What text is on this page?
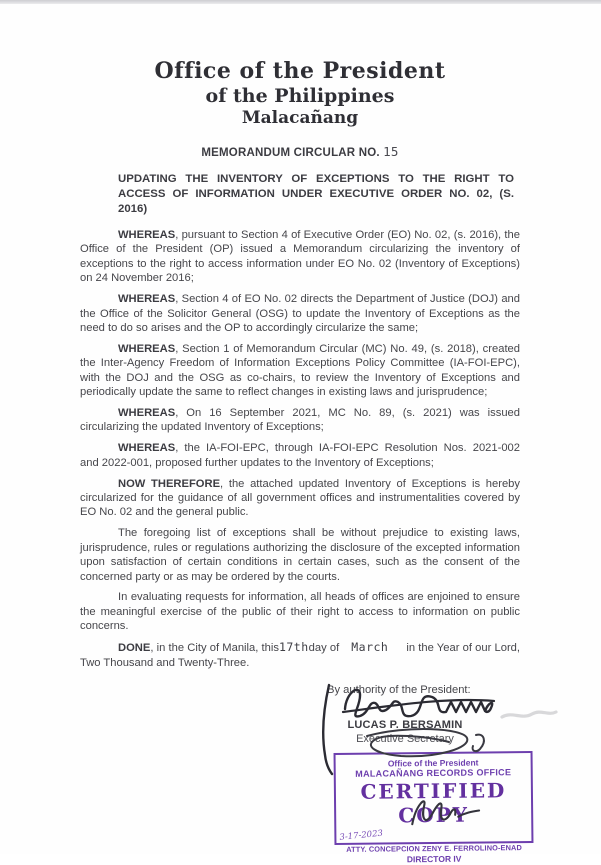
Office of the President
of the Philippines
Malacañang
MEMORANDUM CIRCULAR NO. 15
UPDATING THE INVENTORY OF EXCEPTIONS TO THE RIGHT TO
ACCESS OF INFORMATION UNDER EXECUTIVE ORDER NO. 02, (S. 2016)

WHEREAS, pursuant to Section 4 of Executive Order (EO) No. 02, (s. 2016), the Office of the President (OP) issued a Memorandum circularizing the inventory of exceptions to the right to access information under EO No. 02 (Inventory of Exceptions) on 24 November 2016;

WHEREAS, Section 4 of EO No. 02 directs the Department of Justice (DOJ) and the Office of the Solicitor General (OSG) to update the Inventory of Exceptions as the need to do so arises and the OP to accordingly circularize the same;

WHEREAS, Section 1 of Memorandum Circular (MC) No. 49, (s. 2018), created the Inter-Agency Freedom of Information Exceptions Policy Committee (IA-FOI-EPC), with the DOJ and the OSG as co-chairs, to review the Inventory of Exceptions and periodically update the same to reflect changes in existing laws and jurisprudence;

WHEREAS, On 16 September 2021, MC No. 89, (s. 2021) was issued circularizing the updated Inventory of Exceptions;

WHEREAS, the IA-FOI-EPC, through IA-FOI-EPC Resolution Nos. 2021-002 and 2022-001, proposed further updates to the Inventory of Exceptions;

NOW THEREFORE, the attached updated Inventory of Exceptions is hereby circularized for the guidance of all government offices and instrumentalities covered by EO No. 02 and the general public.

The foregoing list of exceptions shall be without prejudice to existing laws, jurisprudence, rules or regulations authorizing the disclosure of the excepted information upon satisfaction of certain conditions in certain cases, such as the consent of the concerned party or as may be ordered by the courts.

In evaluating requests for information, all heads of offices are enjoined to ensure the meaningful exercise of the public of their right to access to information on public concerns.

DONE, in the City of Manila, this17thday of March in the Year of our Lord, Two Thousand and Twenty-Three.

By authority of the President:
LUCAS P. BERSAMIN
Executive Secretary
Office of the President
MALACAÑANG RECORDS OFFICE
CERTIFIED COPY
ATTY. CONCEPCION ZENY E. FERROLINO-ENAD
DIRECTOR IV
3-17-2023
